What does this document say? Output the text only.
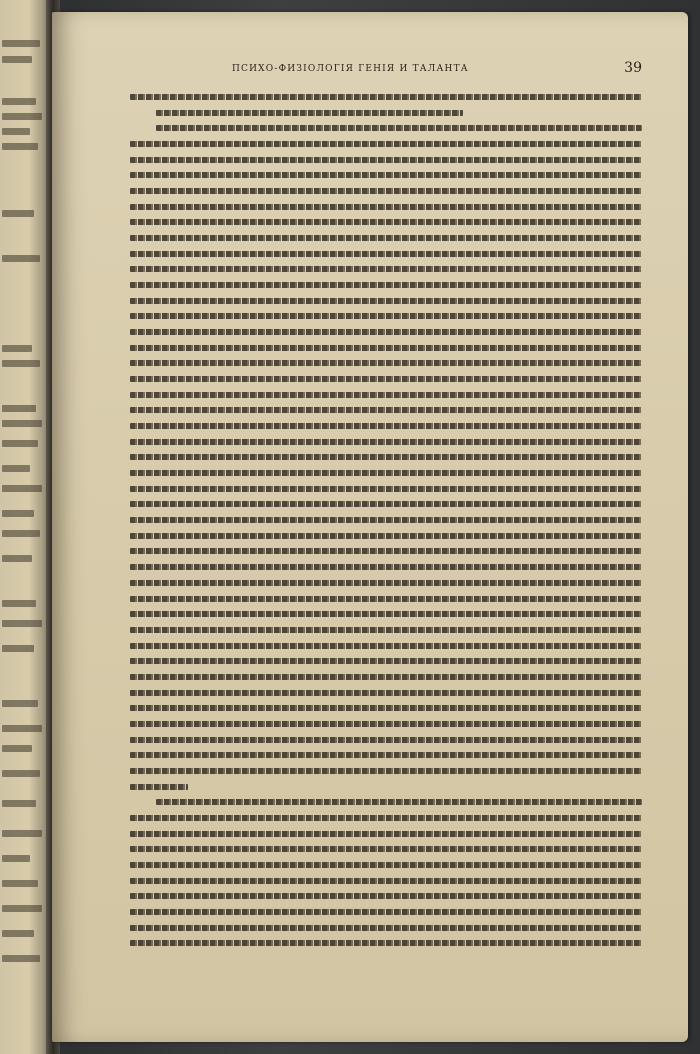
ПСИХО-ФИЗІОЛОГІЯ ГЕНІЯ И ТАЛАНТА	39
